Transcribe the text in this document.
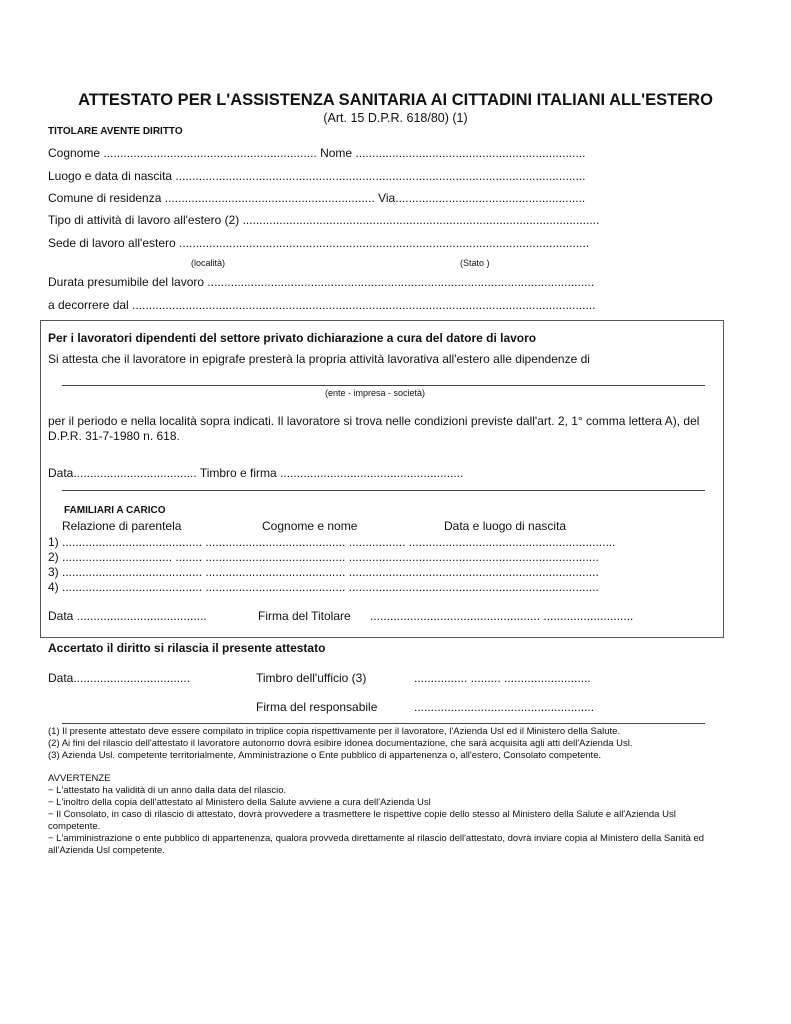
ATTESTATO PER L'ASSISTENZA SANITARIA AI CITTADINI ITALIANI ALL'ESTERO
(Art. 15 D.P.R. 618/80) (1)
TITOLARE AVENTE DIRITTO
Cognome ................................................................ Nome .....................................................................
Luogo e data di nascita ...........................................................................................................................
Comune di residenza ............................................................... Via.........................................................
Tipo di attività di lavoro all'estero (2) ...........................................................................................................
Sede di lavoro all'estero ...........................................................................................................................
(località)	(Stato )
Durata presumibile del lavoro ....................................................................................................................
a decorrere dal ...........................................................................................................................................
Per i lavoratori dipendenti del settore privato dichiarazione a cura del datore di lavoro
Si attesta che il lavoratore in epigrafe presterà la propria attività lavorativa all'estero alle dipendenze di
(ente - impresa - società)
per il periodo e nella località sopra indicati. Il lavoratore si trova nelle condizioni previste dall'art. 2, 1° comma lettera A), del D.P.R. 31-7-1980 n. 618.
Data..................................... Timbro e firma .......................................................
FAMILIARI A CARICO
Relazione di parentela	Cognome e nome	Data e luogo di nascita
1) .......................................... .......................................... ................. ..............................................................
2) ................................. ........ .......................................... ...........................................................................
3) .......................................... .......................................... ...........................................................................
4) .......................................... .......................................... ...........................................................................
Data .......................................	Firma del Titolare ................................................... ...........................
Accertato il diritto si rilascia il presente attestato
Data...................................	Timbro dell'ufficio (3)	................ ......... ..........................
Firma del responsabile	......................................................
(1) Il presente attestato deve essere compilato in triplice copia rispettivamente per il lavoratore, l'Azienda Usl ed il Ministero della Salute.
(2) Ai fini del rilascio dell'attestato il lavoratore autonomo dovrà esibire idonea documentazione, che sarà acquisita agli atti dell'Azienda Usl.
(3) Azienda Usl. competente territorialmente, Amministrazione o Ente pubblico di appartenenza o, all'estero, Consolato competente.
AVVERTENZE
− L'attestato ha validità di un anno dalla data del rilascio.
− L'inoltro della copia dell'attestato al Ministero della Salute avviene a cura dell'Azienda Usl
− Il Consolato, in caso di rilascio di attestato, dovrà provvedere a trasmettere le rispettive copie dello stesso al Ministero della Salute e all'Azienda Usl competente.
− L'amministrazione o ente pubblico di appartenenza, qualora provveda direttamente al rilascio dell'attestato, dovrà inviare copia al Ministero della Sanità ed all'Azienda Usl competente.
